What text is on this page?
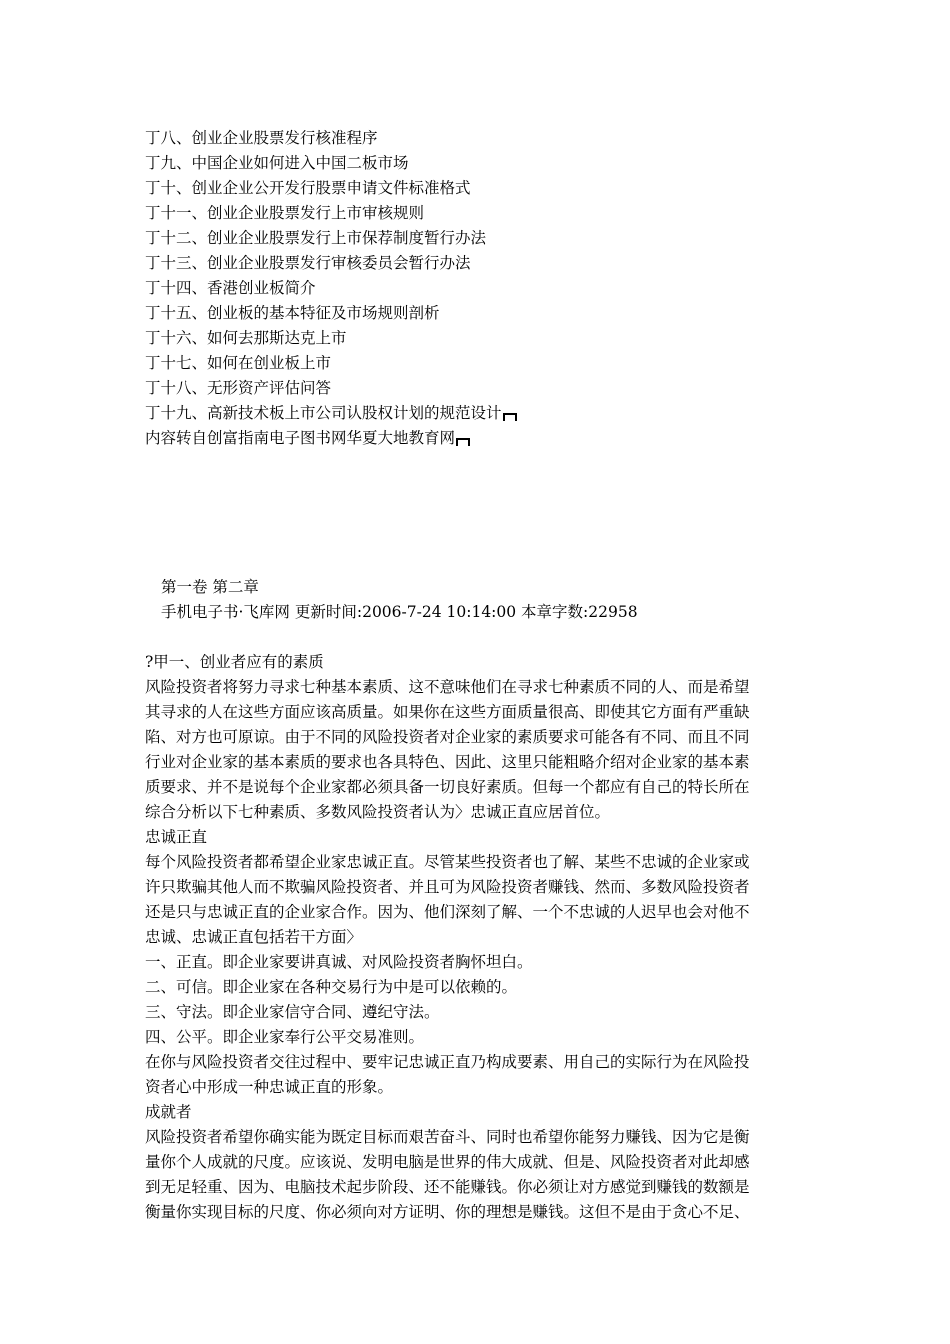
丁八、创业企业股票发行核准程序
丁九、中国企业如何进入中国二板市场
丁十、创业企业公开发行股票申请文件标准格式
丁十一、创业企业股票发行上市审核规则
丁十二、创业企业股票发行上市保荐制度暂行办法
丁十三、创业企业股票发行审核委员会暂行办法
丁十四、香港创业板简介
丁十五、创业板的基本特征及市场规则剖析
丁十六、如何去那斯达克上市
丁十七、如何在创业板上市
丁十八、无形资产评估问答
丁十九、高新技术板上市公司认股权计划的规范设计
内容转自创富指南电子图书网华夏大地教育网
第一卷 第二章
手机电子书·飞库网 更新时间:2006-7-24 10:14:00 本章字数:22958
?甲一、创业者应有的素质
风险投资者将努力寻求七种基本素质、这不意味他们在寻求七种素质不同的人、而是希望
其寻求的人在这些方面应该高质量。如果你在这些方面质量很高、即使其它方面有严重缺
陷、对方也可原谅。由于不同的风险投资者对企业家的素质要求可能各有不同、而且不同
行业对企业家的基本素质的要求也各具特色、因此、这里只能粗略介绍对企业家的基本素
质要求、并不是说每个企业家都必须具备一切良好素质。但每一个都应有自己的特长所在
综合分析以下七种素质、多数风险投资者认为〉忠诚正直应居首位。
忠诚正直
每个风险投资者都希望企业家忠诚正直。尽管某些投资者也了解、某些不忠诚的企业家或
许只欺骗其他人而不欺骗风险投资者、并且可为风险投资者赚钱、然而、多数风险投资者
还是只与忠诚正直的企业家合作。因为、他们深刻了解、一个不忠诚的人迟早也会对他不
忠诚、忠诚正直包括若干方面〉
一、正直。即企业家要讲真诚、对风险投资者胸怀坦白。
二、可信。即企业家在各种交易行为中是可以依赖的。
三、守法。即企业家信守合同、遵纪守法。
四、公平。即企业家奉行公平交易准则。
在你与风险投资者交往过程中、要牢记忠诚正直乃构成要素、用自己的实际行为在风险投
资者心中形成一种忠诚正直的形象。
成就者
风险投资者希望你确实能为既定目标而艰苦奋斗、同时也希望你能努力赚钱、因为它是衡
量你个人成就的尺度。应该说、发明电脑是世界的伟大成就、但是、风险投资者对此却感
到无足轻重、因为、电脑技术起步阶段、还不能赚钱。你必须让对方感觉到赚钱的数额是
衡量你实现目标的尺度、你必须向对方证明、你的理想是赚钱。这但不是由于贪心不足、
